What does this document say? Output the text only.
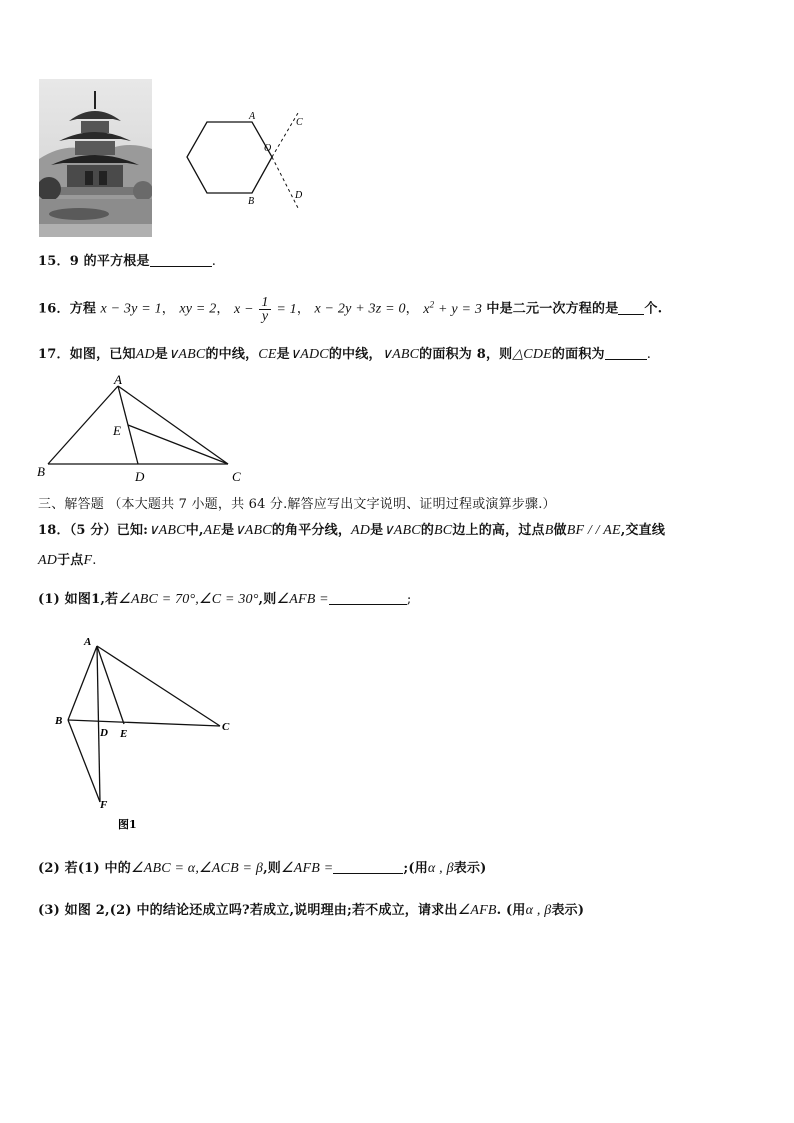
A
O
C
B
D
15．9 的平方根是	.
16．方程 x − 3y = 1， xy = 2， $x - \frac{1}{y} = 1$， x − 2y + 3z = 0， $x^2 + y = 3$ 中是二元一次方程的是 个.
17．如图，已知AD是∨ABC的中线，CE是∨ADC的中线，∨ABC的面积为 8，则△CDE的面积为	.
A
E
B	D	C
三、解答题 （本大题共 7 小题，共 64 分.解答应写出文字说明、证明过程或演算步骤.）
18．（5 分）已知:∨ABC中,AE是∨ABC的角平分线，AD是∨ABC的BC边上的高，过点B做BF / / AE,交直线
AD于点F.
(1) 如图1,若∠ABC = 70°,∠C = 30°,则∠AFB =	;
A
B
D E
C
F
图1
(2) 若(1) 中的∠ABC = α,∠ACB = β,则∠AFB =	;(用α , β表示)
(3) 如图 2,(2) 中的结论还成立吗?若成立,说明理由;若不成立，请求出∠AFB. (用α , β表示)
